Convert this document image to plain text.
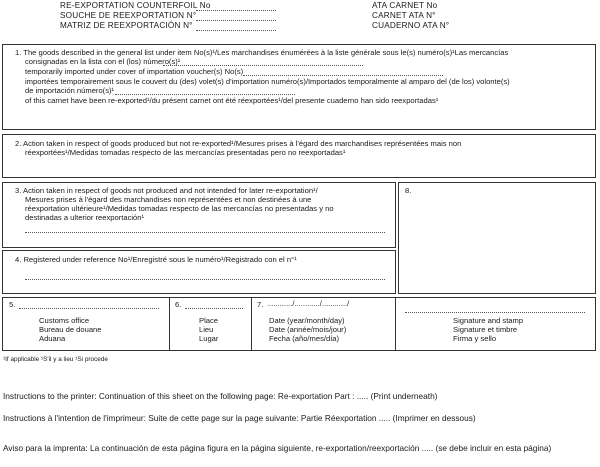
RE-EXPORTATION COUNTERFOIL No
SOUCHE DE REEXPORTATION N°
MATRIZ DE REEXPORTACIÓN N°
ATA CARNET No
CARNET ATA N°
CUADERNO ATA N°
1. The goods described in the general list under item No(s)¹/Les marchandises énumérées à la liste générale sous le(s) numéro(s)¹Las mercancías
consignadas en la lista con el (los) número(s)¹
temporarily imported under cover of importation voucher(s) No(s)
importées temporairement sous le couvert du (des) volet(s) d'importation numéro(s)/Importados temporalmente al amparo del (de los) volonte(s)
de importación número(s)¹
of this carnet have been re-exported¹/du présent carnet ont été réexportées¹/del presente cuaderno han sido reexportadas¹
2. Action taken in respect of goods produced but not re-exported¹/Mesures prises à l'égard des marchandises représentées mais non
réexportées¹/Medidas tomadas respecto de las mercancías presentadas pero no reexportadas¹
3. Action taken in respect of goods not produced and not intended for later re-exportation¹/
Mesures prises à l'égard des marchandises non représentées et non destinées à une
réexportation ultérieure¹/Medidas tomadas respecto de las mercancías no presentadas y no
destinadas a ulterior reexportación¹
4. Registered under reference No¹/Enregistré sous le numéro¹/Registrado con el n°¹
8.
5.
Customs office
Bureau de douane
Aduana
6.
Place
Lieu
Lugar
7. ............/............/............/
Date (year/month/day)
Date (année/mois/jour)
Fecha (año/mes/día)
Signature and stamp
Signature et timbre
Firma y sello
¹If applicable ¹S'il y a lieu ¹Si procede
Instructions to the printer: Continuation of this sheet on the following page: Re-exportation Part : ..... (Print underneath)
Instructions à l'intention de l'imprimeur: Suite de cette page sur la page suivante: Partie Réexportation ..... (Imprimer en dessous)
Aviso para la imprenta: La continuación de esta página figura en la página siguiente, re-exportation/reexportación ..... (se debe incluir en esta página)
